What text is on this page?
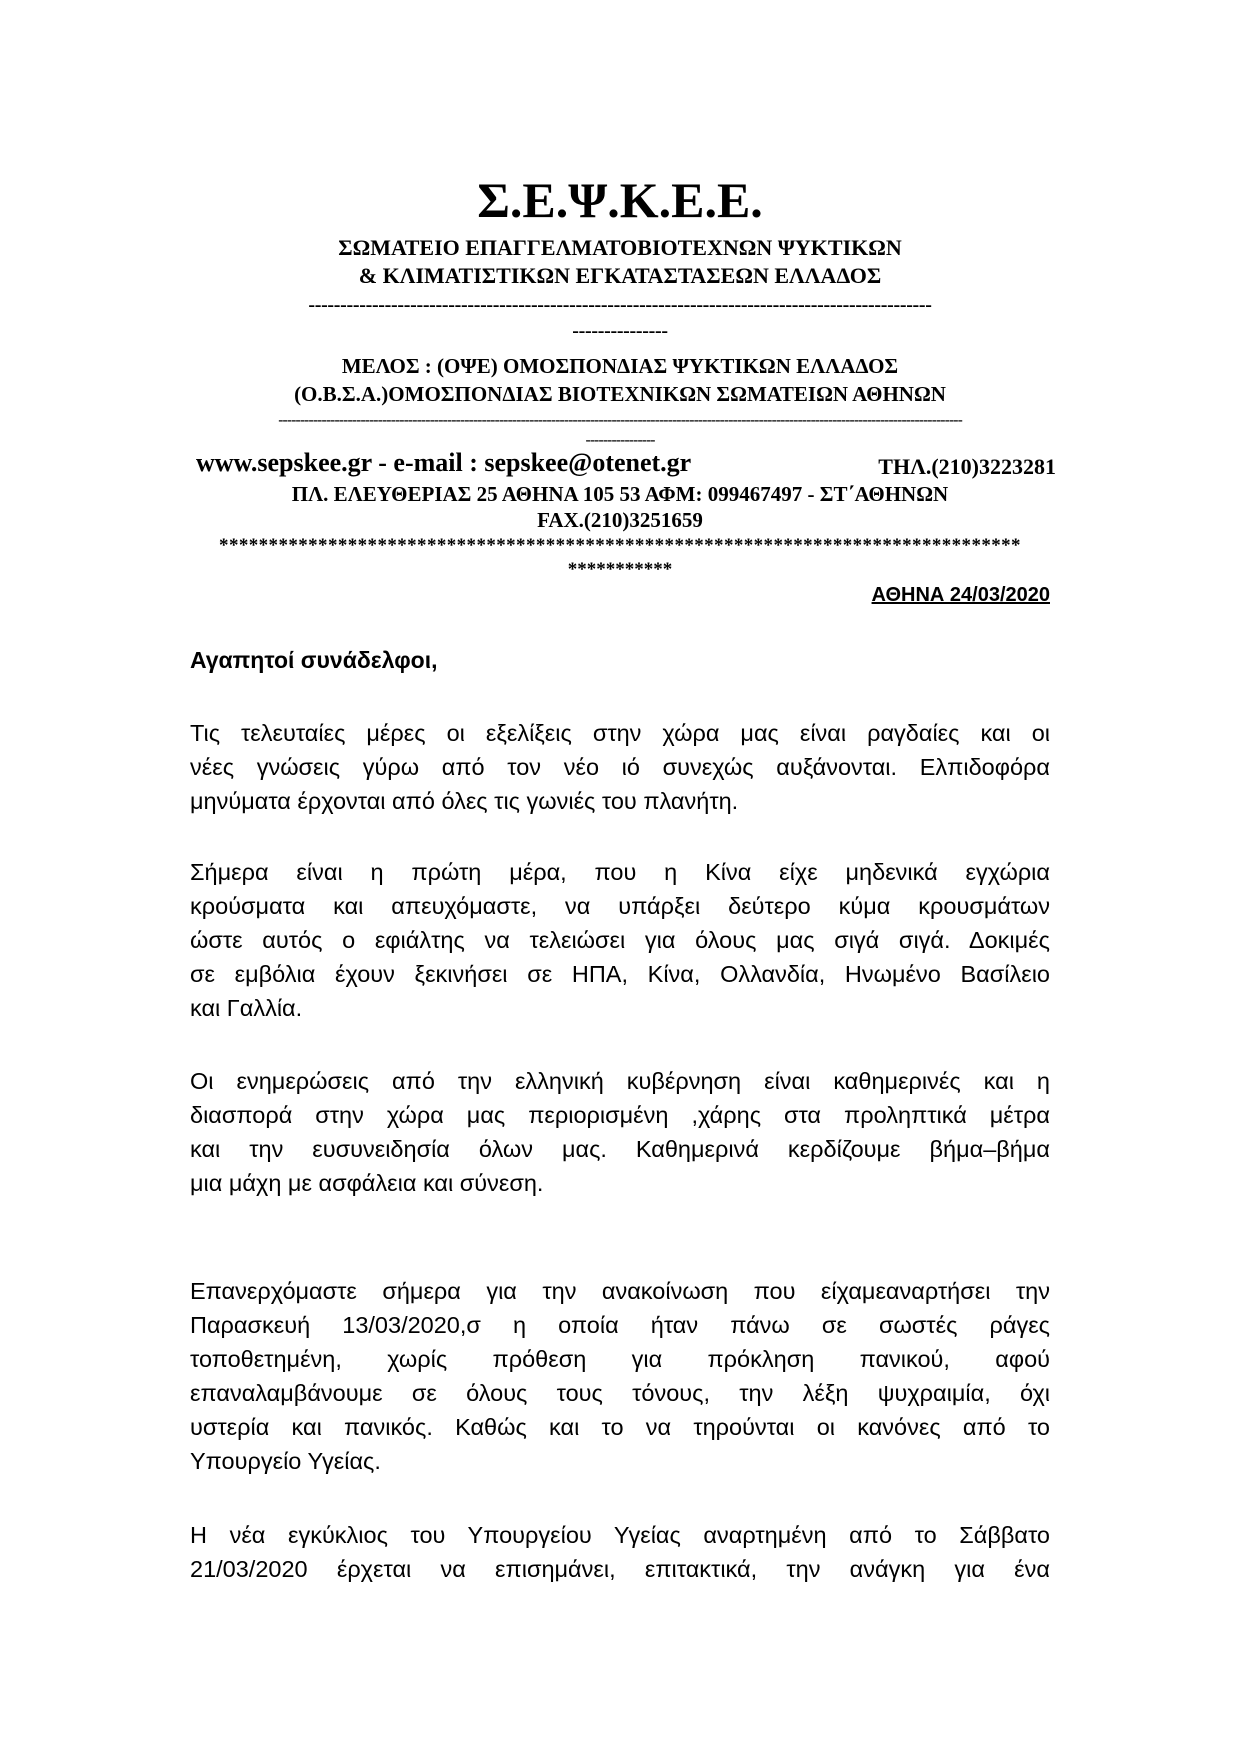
Σ.Ε.Ψ.Κ.Ε.Ε.
ΣΩΜΑΤΕΙΟ ΕΠΑΓΓΕΛΜΑΤΟΒΙΟΤΕΧΝΩΝ ΨΥΚΤΙΚΩΝ
& ΚΛΙΜΑΤΙΣΤΙΚΩΝ ΕΓΚΑΤΑΣΤΑΣΕΩΝ ΕΛΛΑΔΟΣ
--------------------------------------------------------------------------------------------------
---------------
ΜΕΛΟΣ : (ΟΨΕ) ΟΜΟΣΠΟΝΔΙΑΣ ΨΥΚΤΙΚΩΝ ΕΛΛΑΔΟΣ
(Ο.Β.Σ.Α.)ΟΜΟΣΠΟΝΔΙΑΣ ΒΙΟΤΕΧΝΙΚΩΝ ΣΩΜΑΤΕΙΩΝ ΑΘΗΝΩΝ
--------------------------------------------------------------------------------------------------------------------------------------------------------------
----------------
www.sepskee.gr - e-mail : sepskee@otenet.gr	ΤΗΛ.(210)3223281
ΠΛ. ΕΛΕΥΘΕΡΙΑΣ 25 ΑΘΗΝΑ 105 53 ΑΦΜ: 099467497 - ΣΤ΄ΑΘΗΝΩΝ
FAX.(210)3251659
*********************************************************************************
***********
ΑΘΗΝΑ 24/03/2020
Αγαπητοί συνάδελφοι,
Τις τελευταίες μέρες οι εξελίξεις στην χώρα μας είναι ραγδαίες και οι
νέες γνώσεις γύρω από τον νέο ιό συνεχώς αυξάνονται. Ελπιδοφόρα
μηνύματα έρχονται από όλες τις γωνιές του πλανήτη.
Σήμερα είναι η πρώτη μέρα, που η Κίνα είχε μηδενικά εγχώρια
κρούσματα και απευχόμαστε, να υπάρξει δεύτερο κύμα κρουσμάτων
ώστε αυτός ο εφιάλτης να τελειώσει για όλους μας σιγά σιγά. Δοκιμές
σε εμβόλια έχουν ξεκινήσει σε ΗΠΑ, Κίνα, Ολλανδία, Ηνωμένο Βασίλειο
και Γαλλία.
Οι ενημερώσεις από την ελληνική κυβέρνηση είναι καθημερινές και η
διασπορά στην χώρα μας περιορισμένη ,χάρης στα προληπτικά μέτρα
και την ευσυνειδησία όλων μας. Καθημερινά κερδίζουμε βήμα–βήμα
μια μάχη με ασφάλεια και σύνεση.
Επανερχόμαστε σήμερα για την ανακοίνωση που είχαμεαναρτήσει την
Παρασκευή 13/03/2020,σ η οποία ήταν πάνω σε σωστές ράγες
τοποθετημένη, χωρίς πρόθεση για πρόκληση πανικού, αφού
επαναλαμβάνουμε σε όλους τους τόνους, την λέξη ψυχραιμία, όχι
υστερία και πανικός. Καθώς και το να τηρούνται οι κανόνες από το
Υπουργείο Υγείας.
Η νέα εγκύκλιος του Υπουργείου Υγείας αναρτημένη από το Σάββατο
21/03/2020 έρχεται να επισημάνει, επιτακτικά, την ανάγκη για ένα
